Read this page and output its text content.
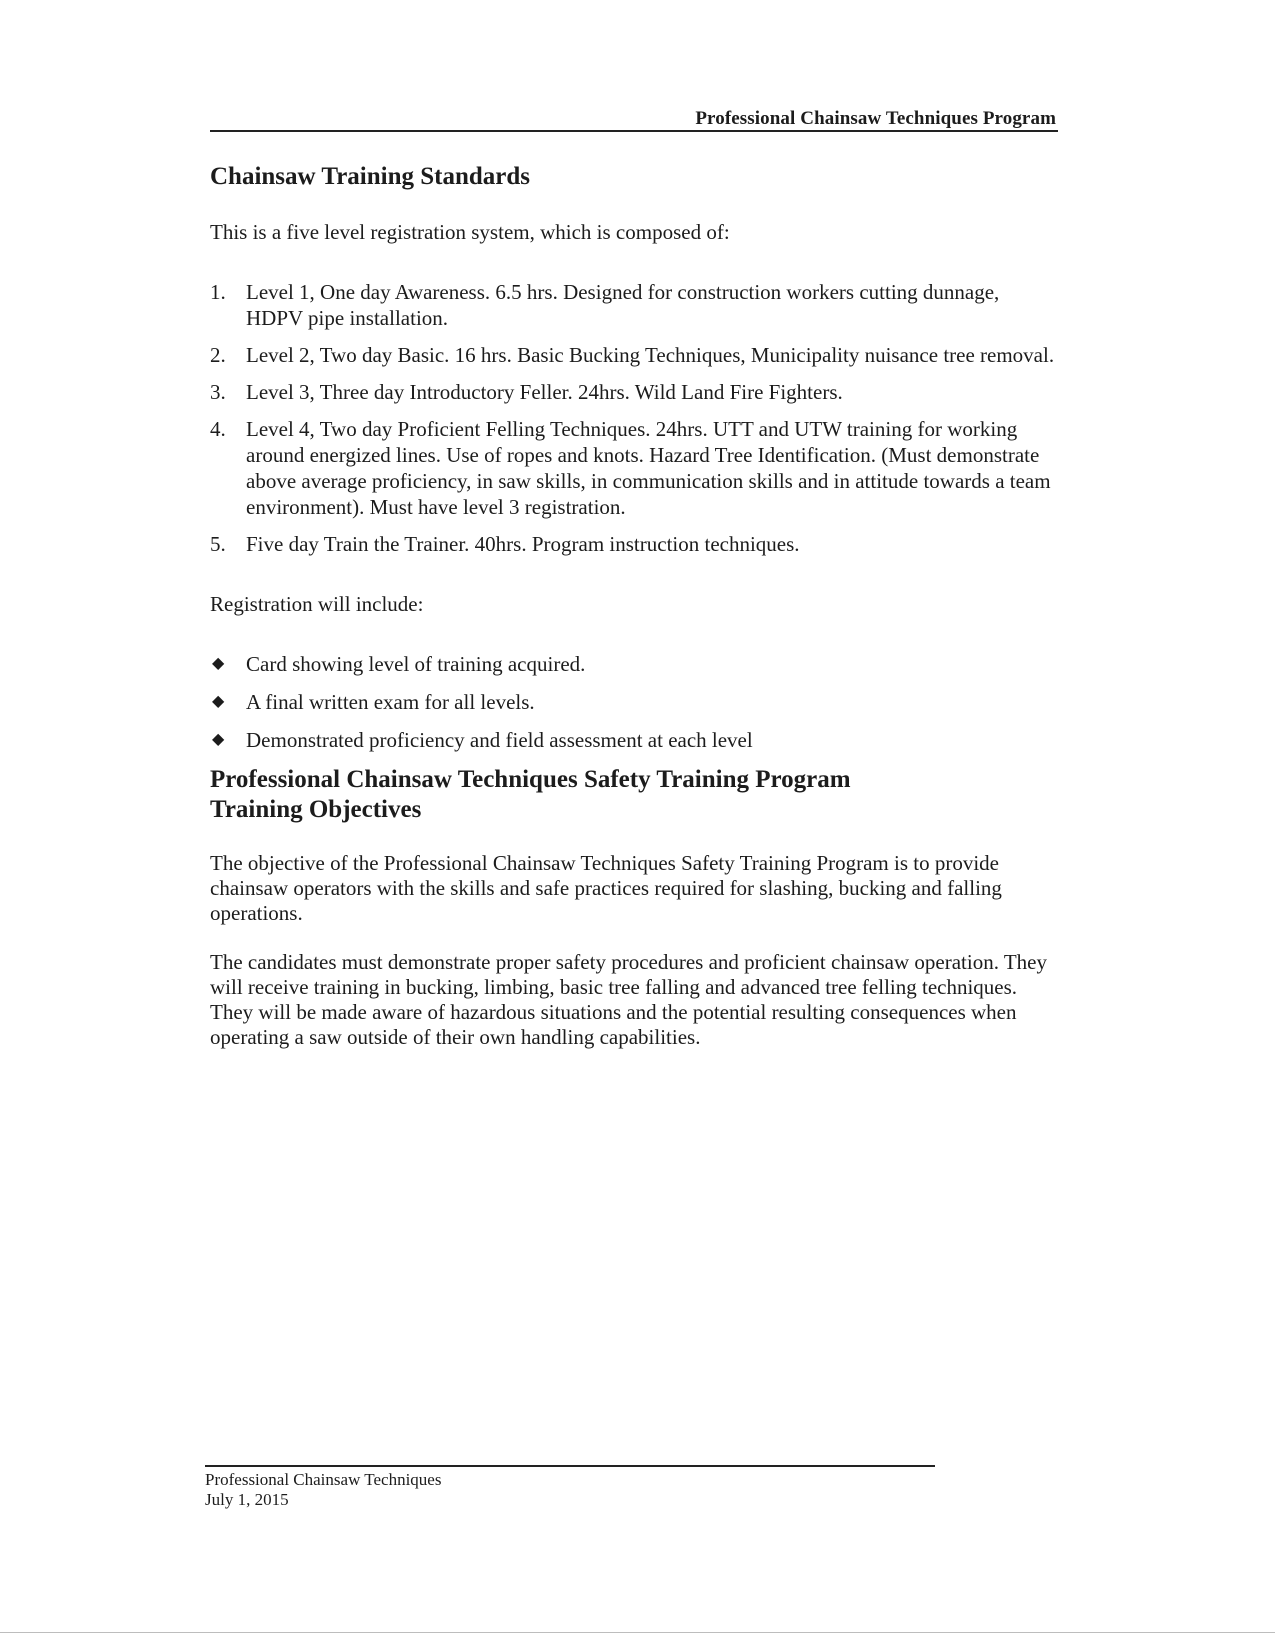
Professional Chainsaw Techniques Program
Chainsaw Training Standards

This is a five level registration system, which is composed of:

1. Level 1, One day Awareness. 6.5 hrs. Designed for construction workers cutting dunnage, HDPV pipe installation.
2. Level 2, Two day Basic. 16 hrs. Basic Bucking Techniques, Municipality nuisance tree removal.
3. Level 3, Three day Introductory Feller. 24hrs. Wild Land Fire Fighters.
4. Level 4, Two day Proficient Felling Techniques. 24hrs. UTT and UTW training for working around energized lines. Use of ropes and knots. Hazard Tree Identification. (Must demonstrate above average proficiency, in saw skills, in communication skills and in attitude towards a team environment). Must have level 3 registration.
5. Five day Train the Trainer. 40hrs. Program instruction techniques.

Registration will include:

◆ Card showing level of training acquired.
◆ A final written exam for all levels.
◆ Demonstrated proficiency and field assessment at each level
Professional Chainsaw Techniques Safety Training Program
Training Objectives

The objective of the Professional Chainsaw Techniques Safety Training Program is to provide chainsaw operators with the skills and safe practices required for slashing, bucking and falling operations.

The candidates must demonstrate proper safety procedures and proficient chainsaw operation. They will receive training in bucking, limbing, basic tree falling and advanced tree felling techniques. They will be made aware of hazardous situations and the potential resulting consequences when operating a saw outside of their own handling capabilities.

Professional Chainsaw Techniques
July 1, 2015
